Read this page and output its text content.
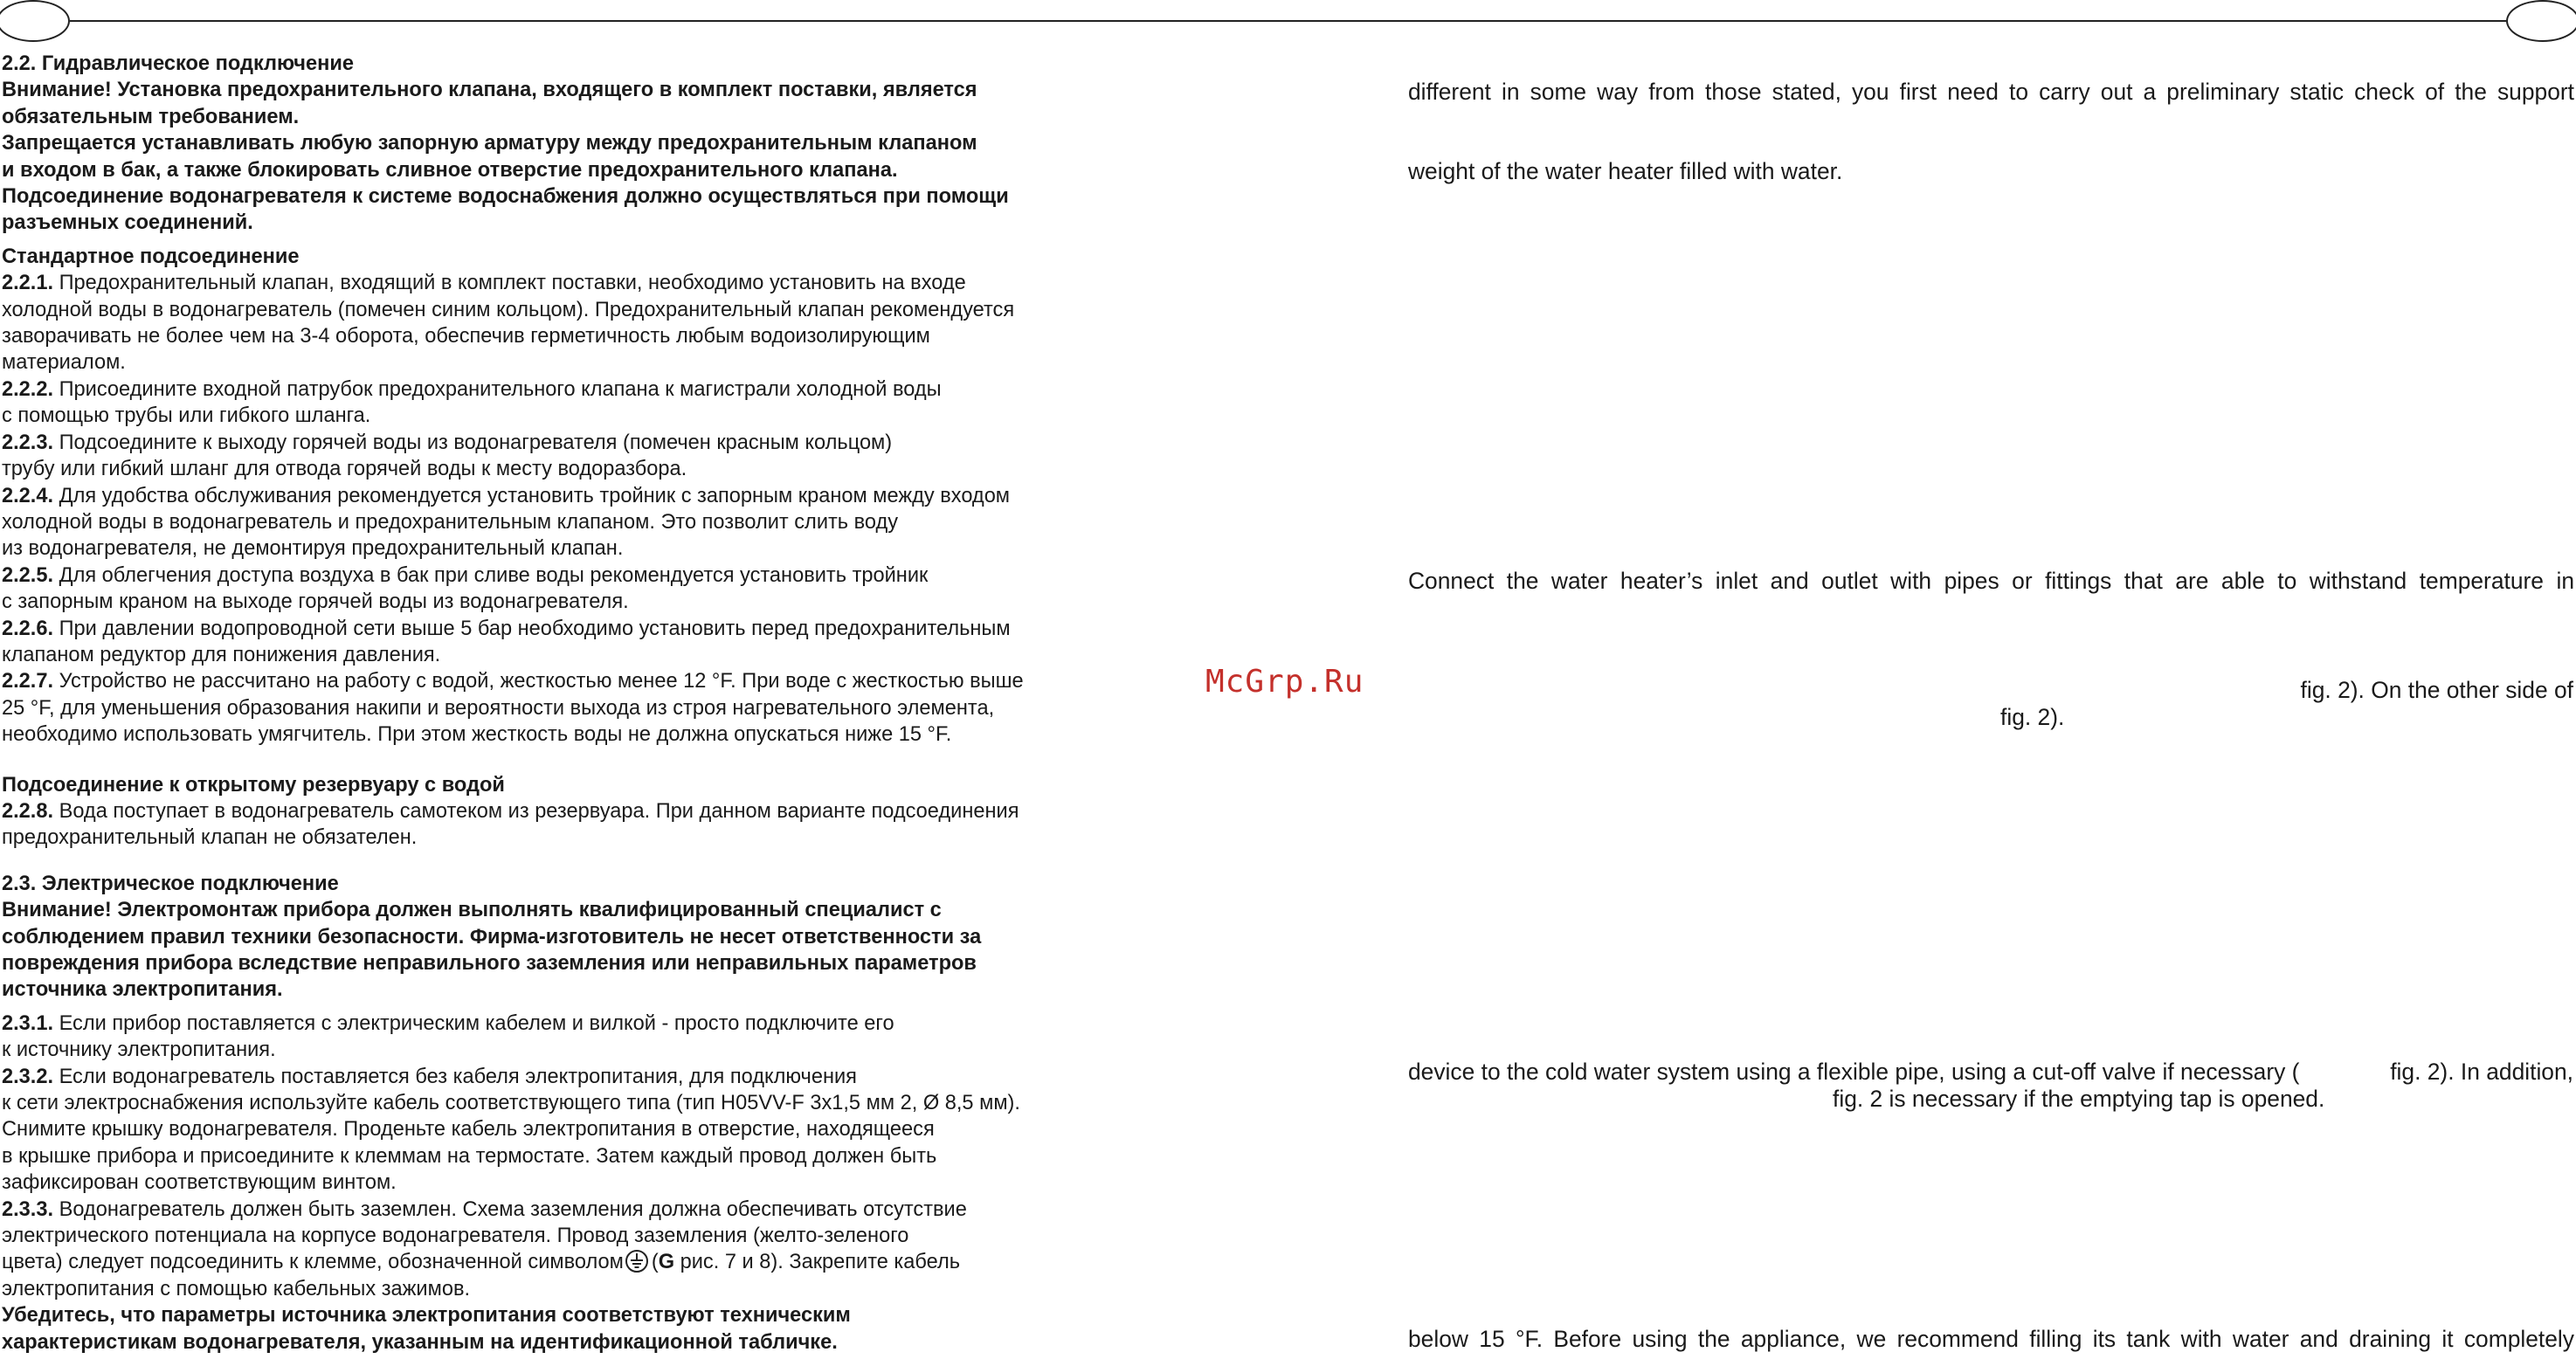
2.2. Гидравлическое подключение

Внимание! Установка предохранительного клапана, входящего в комплект поставки, является

обязательным требованием.

Запрещается устанавливать любую запорную арматуру между предохранительным клапаном

и входом в бак, а также блокировать сливное отверстие предохранительного клапана.

Подсоединение водонагревателя к системе водоснабжения должно осуществляться при помощи

разъемных соединений.

Стандартное подсоединение

2.2.1. Предохранительный клапан, входящий в комплект поставки, необходимо установить на входе

холодной воды в водонагреватель (помечен синим кольцом). Предохранительный клапан рекомендуется

заворачивать не более чем на 3-4 оборота, обеспечив герметичность любым водоизолирующим

материалом.

2.2.2. Присоедините входной патрубок предохранительного клапана к магистрали холодной воды

с помощью трубы или гибкого шланга.

2.2.3. Подсоедините к выходу горячей воды из водонагревателя (помечен красным кольцом)

трубу или гибкий шланг для отвода горячей воды к месту водоразбора.

2.2.4. Для удобства обслуживания рекомендуется установить тройник с запорным краном между входом

холодной воды в водонагреватель и предохранительным клапаном. Это позволит слить воду

из водонагревателя, не демонтируя предохранительный клапан.

2.2.5. Для облегчения доступа воздуха в бак при сливе воды рекомендуется установить тройник

с запорным краном на выходе горячей воды из водонагревателя.

2.2.6. При давлении водопроводной сети выше 5 бар необходимо установить перед предохранительным

клапаном редуктор для понижения давления.

2.2.7. Устройство не рассчитано на работу с водой, жесткостью менее 12 °F. При воде с жесткостью выше

25 °F, для уменьшения образования накипи и вероятности выхода из строя нагревательного элемента,

необходимо использовать умягчитель. При этом жесткость воды не должна опускаться ниже 15 °F.

Подсоединение к открытому резервуару с водой

2.2.8. Вода поступает в водонагреватель самотеком из резервуара. При данном варианте подсоединения

предохранительный клапан не обязателен.

2.3. Электрическое подключение

Внимание! Электромонтаж прибора должен выполнять квалифицированный специалист с

соблюдением правил техники безопасности. Фирма-изготовитель не несет ответственности за

повреждения прибора вследствие неправильного заземления или неправильных параметров

источника электропитания.

2.3.1. Если прибор поставляется с электрическим кабелем и вилкой - просто подключите его

к источнику электропитания.

2.3.2. Если водонагреватель поставляется без кабеля электропитания, для подключения

к сети электроснабжения используйте кабель соответствующего типа (тип H05VV-F 3x1,5 мм 2, Ø 8,5 мм).

Снимите крышку водонагревателя. Проденьте кабель электропитания в отверстие, находящееся

в крышке прибора и присоедините к клеммам на термостате. Затем каждый провод должен быть

зафиксирован соответствующим винтом.

2.3.3. Водонагреватель должен быть заземлен. Схема заземления должна обеспечивать отсутствие

электрического потенциала на корпусе водонагревателя. Провод заземления (желто-зеленого

цвета) следует подсоединить к клемме, обозначенной символом (G рис. 7 и 8). Закрепите кабель

электропитания с помощью кабельных зажимов.

Убедитесь, что параметры источника электропитания соответствуют техническим

характеристикам водонагревателя, указанным на идентификационной табличке.

McGrp.Ru
different in some way from those stated, you first need to carry out a preliminary static check of the support
weight of the water heater filled with water.
Connect the water heater’s inlet and outlet with pipes or fittings that are able to withstand temperature in
fig. 2). On the other side of
fig. 2).
device to the cold water system using a flexible pipe, using a cut-off valve if necessary (	fig. 2). In addition,
fig. 2 is necessary if the emptying tap is opened.
below 15 °F. Before using the appliance, we recommend filling its tank with water and draining it completely
